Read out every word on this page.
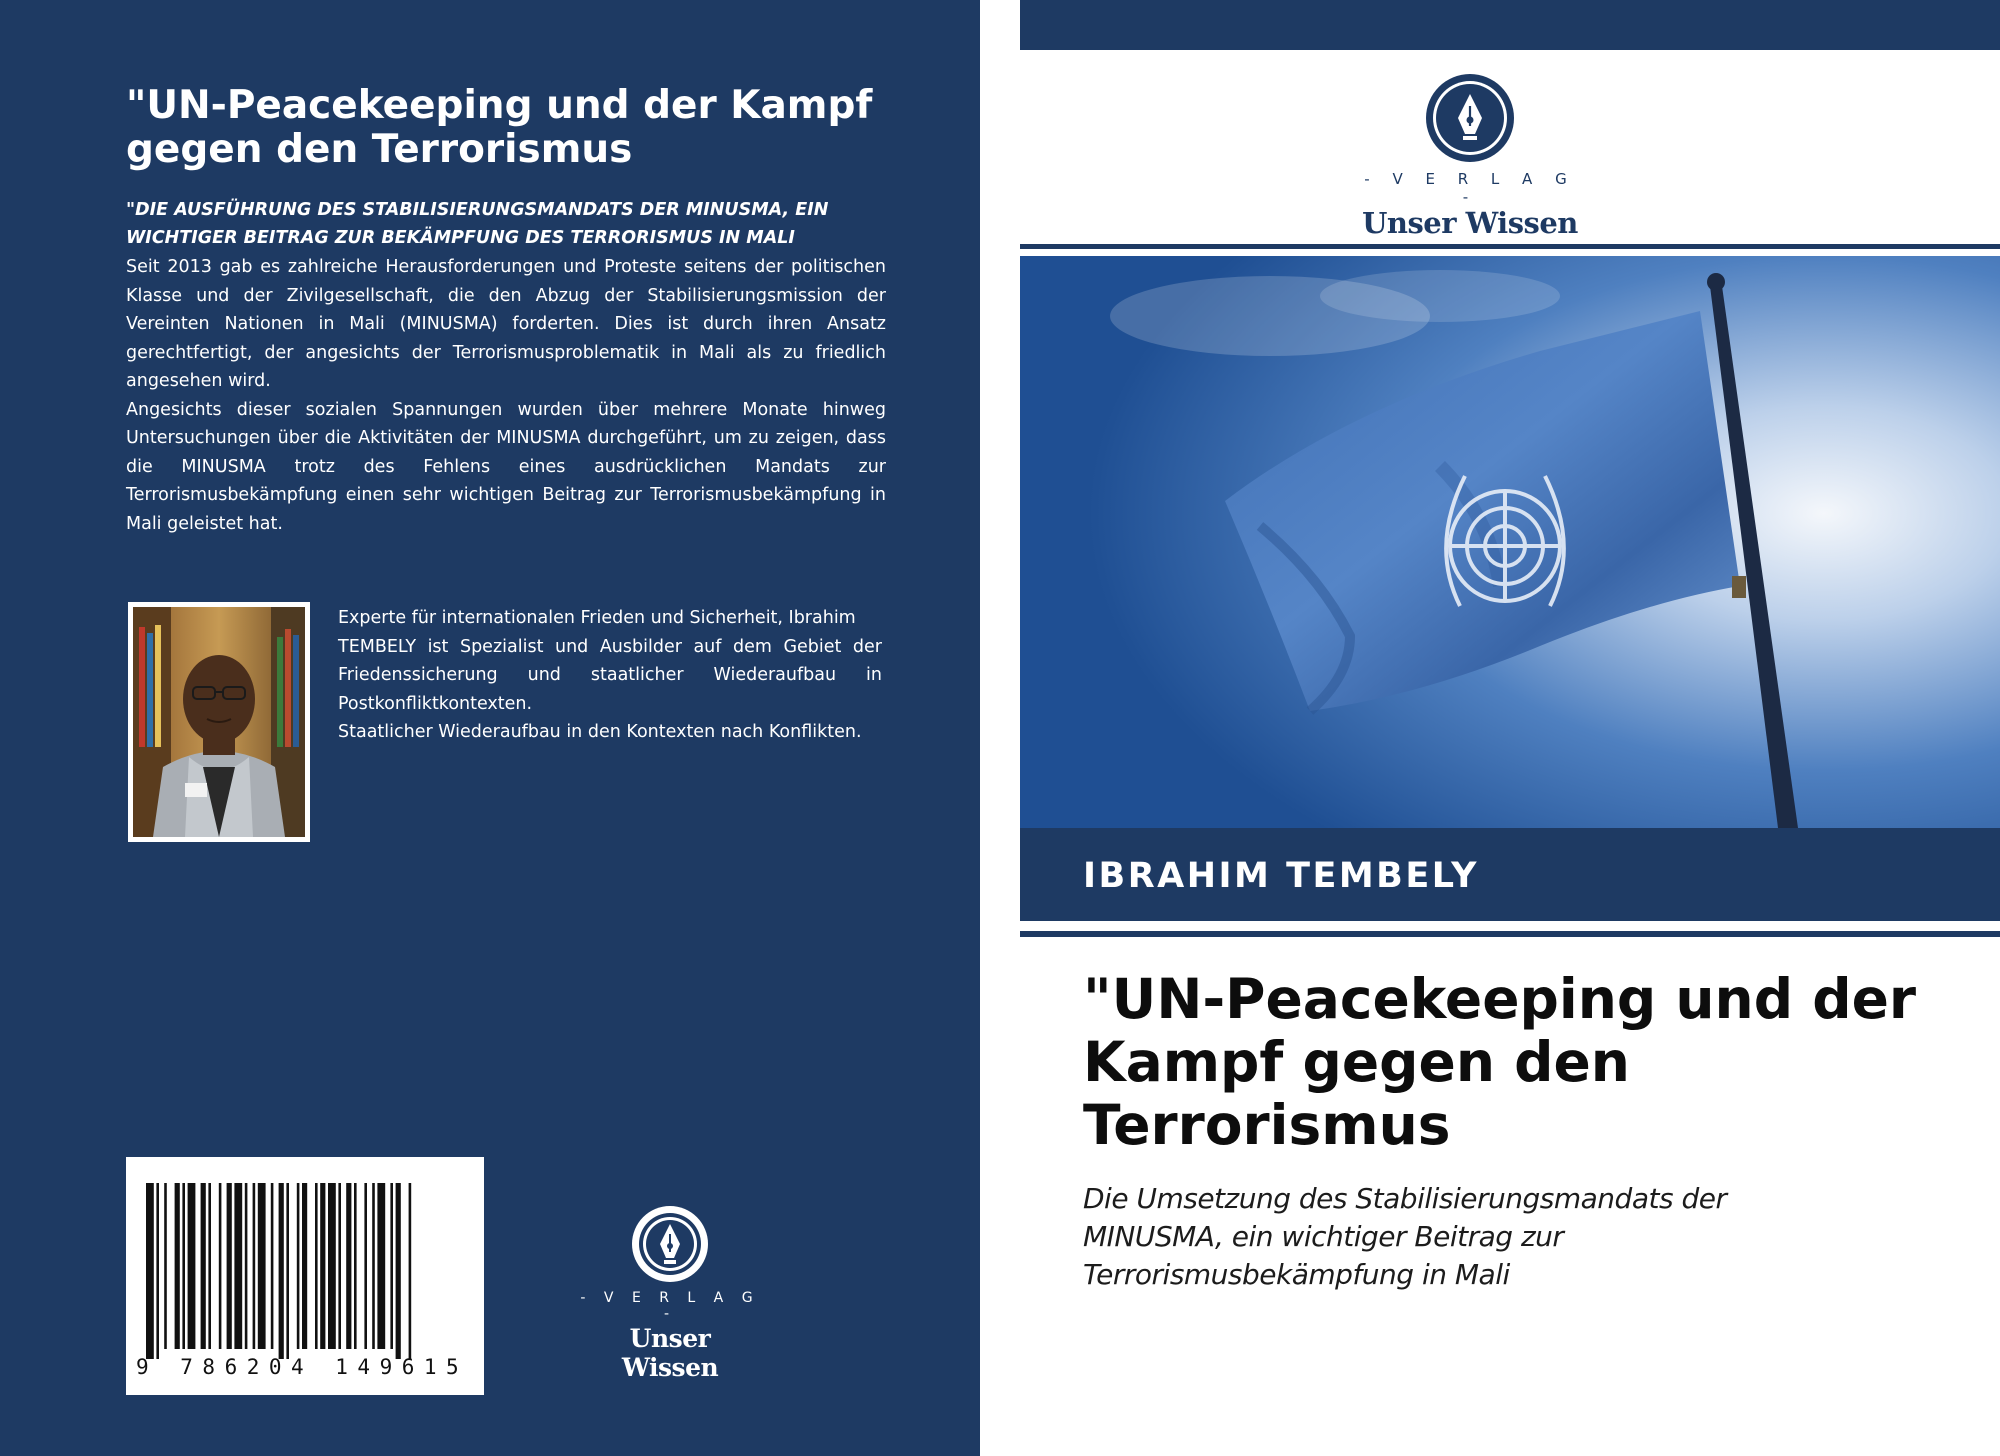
"UN-Peacekeeping und der Kampf gegen den Terrorismus
"DIE AUSFÜHRUNG DES STABILISIERUNGSMANDATS DER MINUSMA, EIN WICHTIGER BEITRAG ZUR BEKÄMPFUNG DES TERRORISMUS IN MALI

Seit 2013 gab es zahlreiche Herausforderungen und Proteste seitens der politischen Klasse und der Zivilgesellschaft, die den Abzug der Stabilisierungsmission der Vereinten Nationen in Mali (MINUSMA) forderten. Dies ist durch ihren Ansatz gerechtfertigt, der angesichts der Terrorismusproblematik in Mali als zu friedlich angesehen wird.

Angesichts dieser sozialen Spannungen wurden über mehrere Monate hinweg Untersuchungen über die Aktivitäten der MINUSMA durchgeführt, um zu zeigen, dass die MINUSMA trotz des Fehlens eines ausdrücklichen Mandats zur Terrorismusbekämpfung einen sehr wichtigen Beitrag zur Terrorismusbekämpfung in Mali geleistet hat.

Experte für internationalen Frieden und Sicherheit, Ibrahim

TEMBELY ist Spezialist und Ausbilder auf dem Gebiet der Friedenssicherung und staatlicher Wiederaufbau in Postkonfliktkontexten.

Staatlicher Wiederaufbau in den Kontexten nach Konflikten.

9 786204 149615
- V E R L A G -
Unser Wissen
- V E R L A G -
Unser Wissen
IBRAHIM TEMBELY
"UN-Peacekeeping und der Kampf gegen den Terrorismus
Die Umsetzung des Stabilisierungsmandats der MINUSMA, ein wichtiger Beitrag zur Terrorismusbekämpfung in Mali
